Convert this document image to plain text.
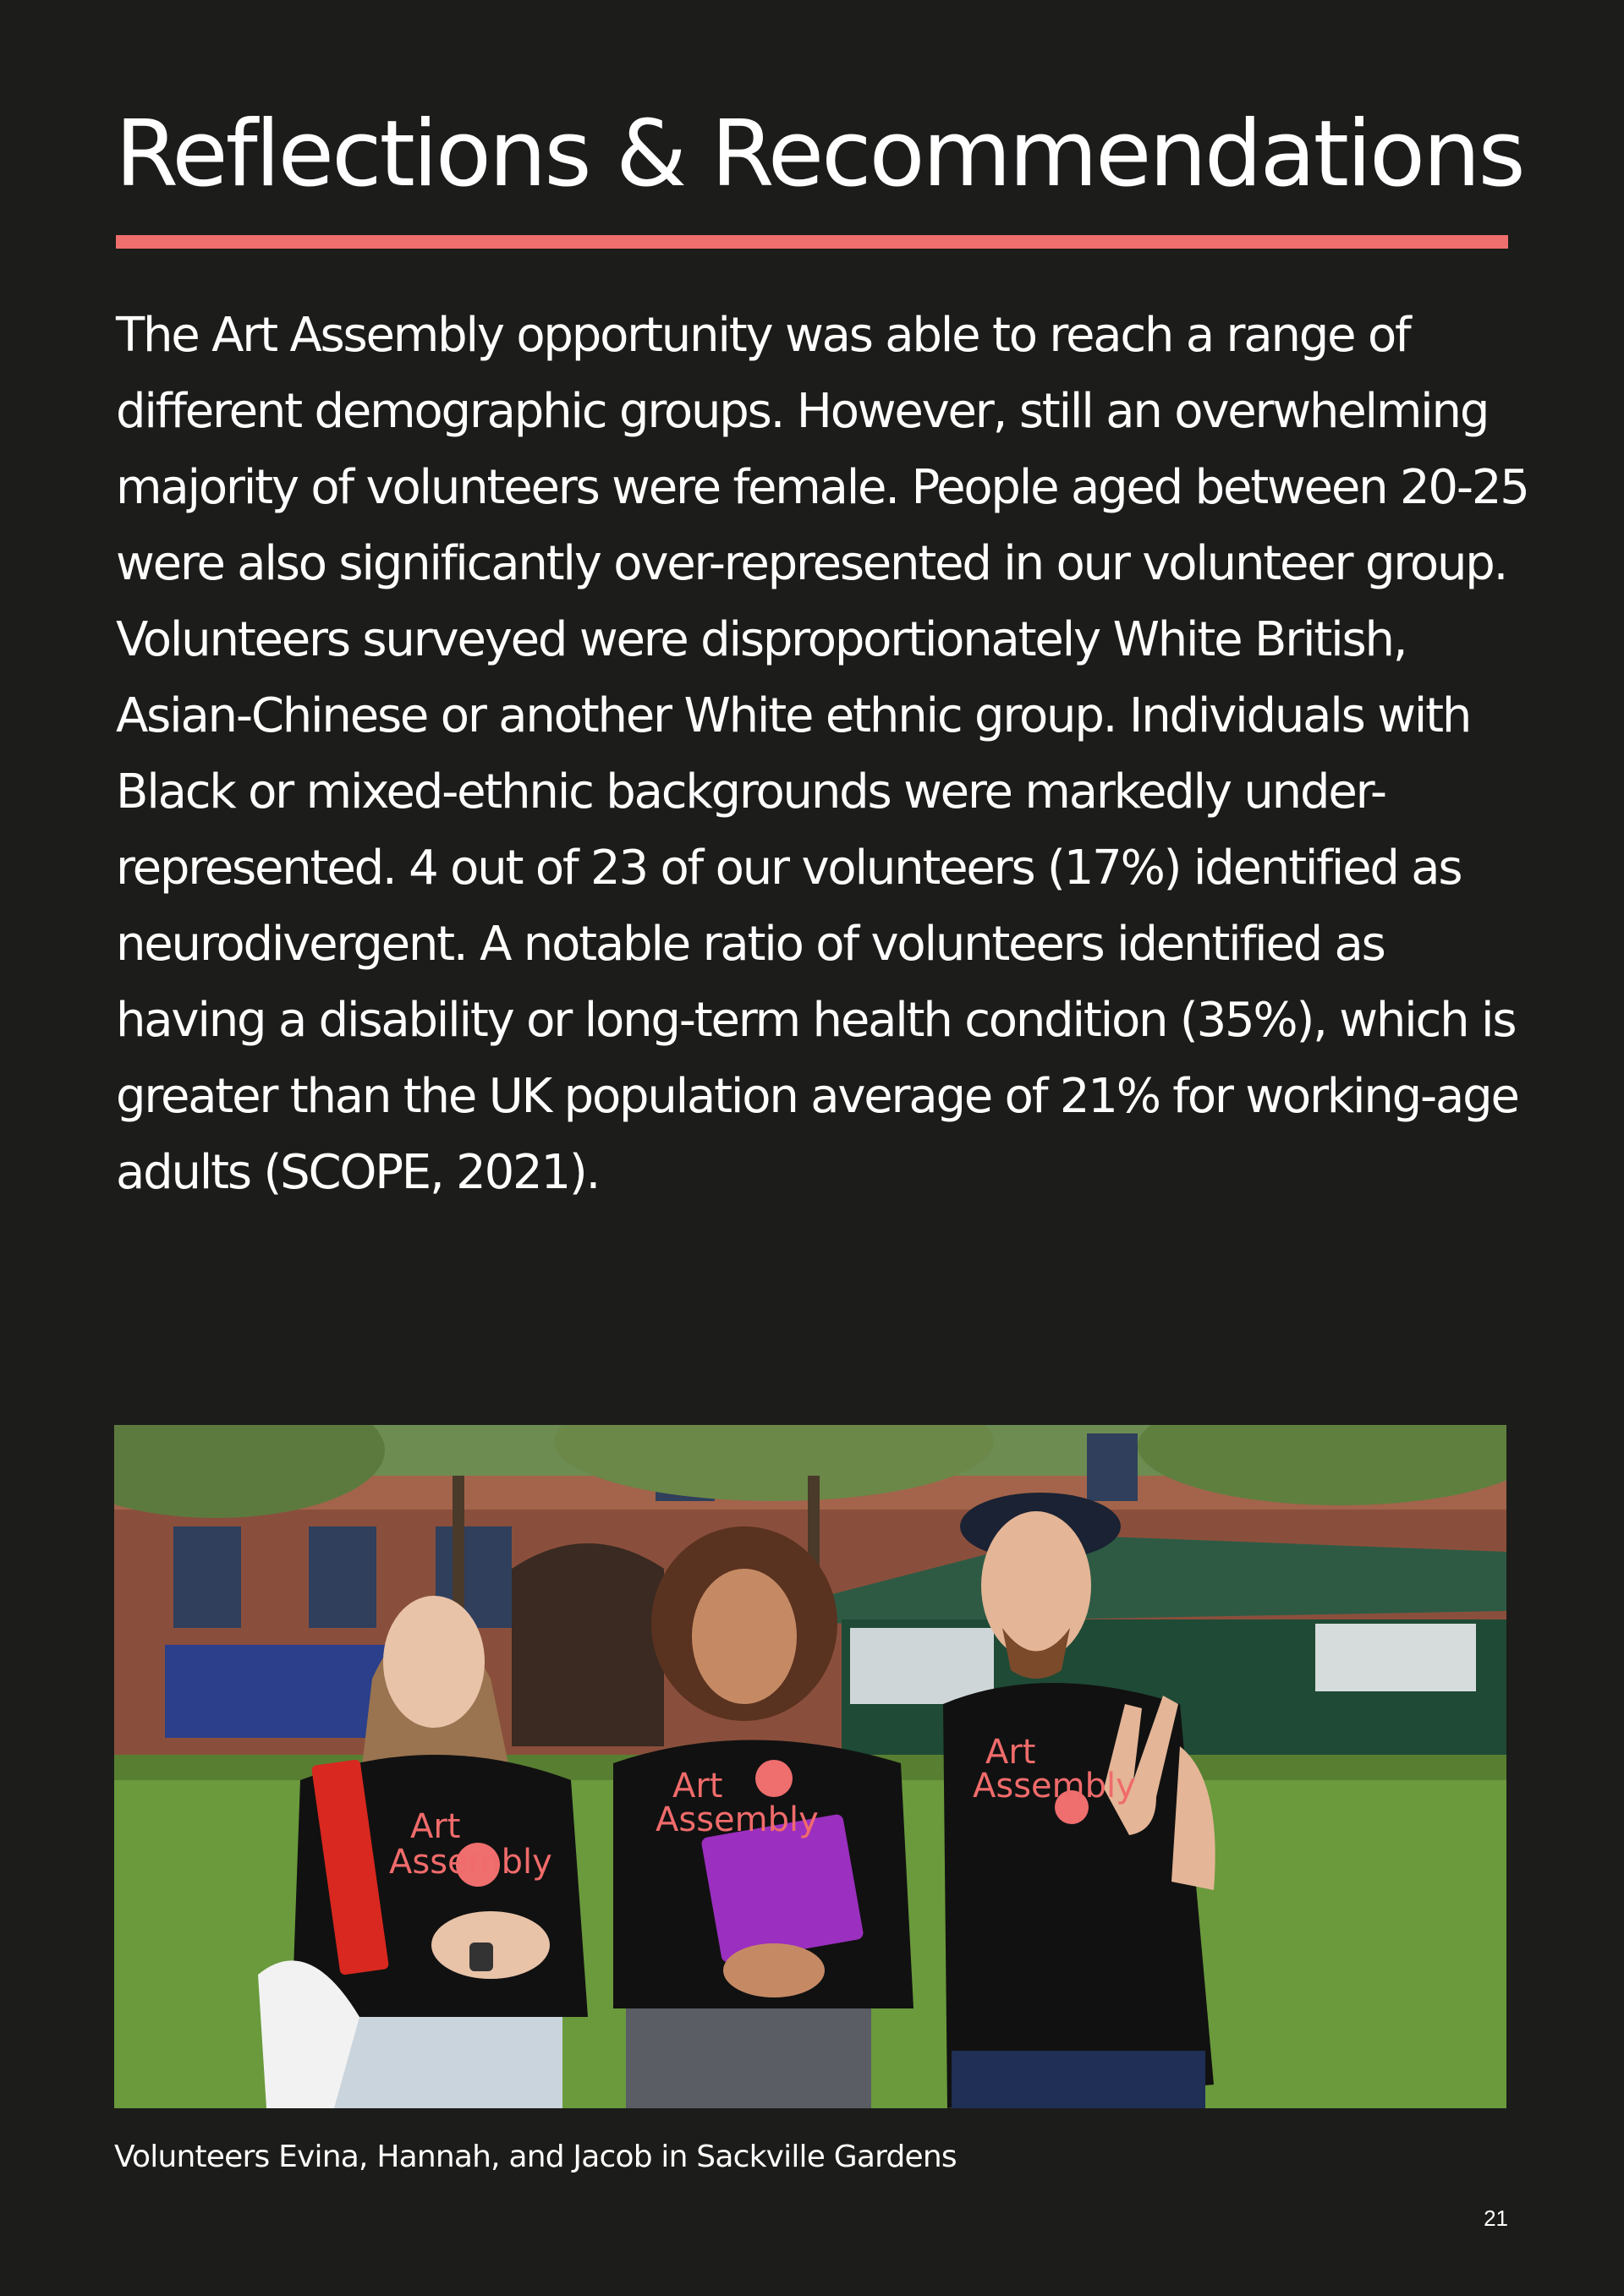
Reflections & Recommendations

The Art Assembly opportunity was able to reach a range of different demographic groups. However, still an overwhelming majority of volunteers were female. People aged between 20-25 were also significantly over-represented in our volunteer group. Volunteers surveyed were disproportionately White British, Asian-Chinese or another White ethnic group. Individuals with Black or mixed-ethnic backgrounds were markedly under-represented. 4 out of 23 of our volunteers (17%) identified as neurodivergent. A notable ratio of volunteers identified as having a disability or long-term health condition (35%), which is greater than the UK population average of 21% for working-age adults (SCOPE, 2021).

Art
Assembly
Art
Assembly
Art
Assembly

Volunteers Evina, Hannah, and Jacob in Sackville Gardens

21
